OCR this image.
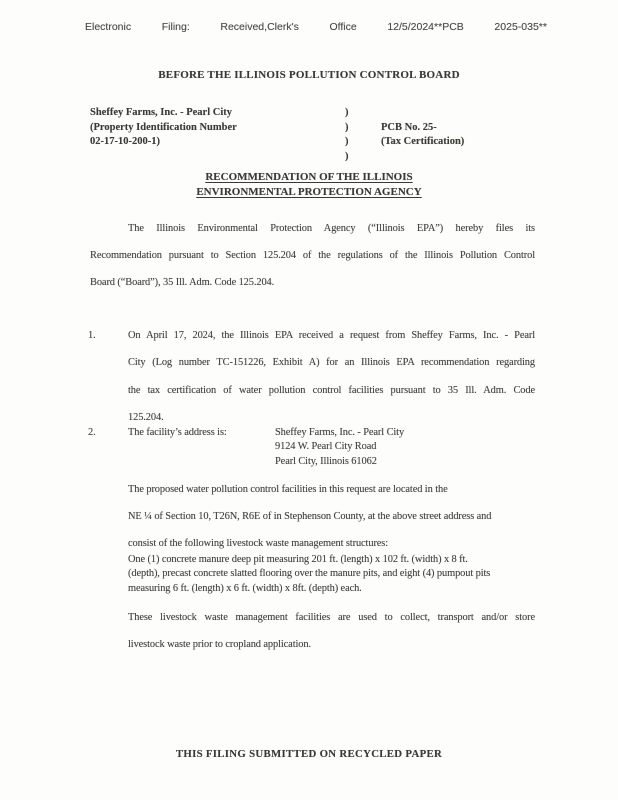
Electronic	Filing:	Received,Clerk's	Office	12/5/2024**PCB	2025-035**
BEFORE THE ILLINOIS POLLUTION CONTROL BOARD
Sheffey Farms, Inc. - Pearl City
(Property Identification Number
02-17-10-200-1)
)
)
)
)
PCB No. 25-
(Tax Certification)
RECOMMENDATION OF THE ILLINOIS
ENVIRONMENTAL PROTECTION AGENCY
The Illinois Environmental Protection Agency (“Illinois EPA”) hereby files its
Recommendation pursuant to Section 125.204 of the regulations of the Illinois Pollution Control
Board (“Board”), 35 Ill. Adm. Code 125.204.
1.	On April 17, 2024, the Illinois EPA received a request from Sheffey Farms, Inc. - Pearl
City (Log number TC-151226, Exhibit A) for an Illinois EPA recommendation regarding
the tax certification of water pollution control facilities pursuant to 35 Ill. Adm. Code
125.204.
2.	The facility’s address is:	Sheffey Farms, Inc. - Pearl City
9124 W. Pearl City Road
Pearl City, Illinois 61062
The proposed water pollution control facilities in this request are located in the
NE ¼ of Section 10, T26N, R6E of in Stephenson County, at the above street address and
consist of the following livestock waste management structures:
One (1) concrete manure deep pit measuring 201 ft. (length) x 102 ft. (width) x 8 ft.
(depth), precast concrete slatted flooring over the manure pits, and eight (4) pumpout pits
measuring 6 ft. (length) x 6 ft. (width) x 8ft. (depth) each.
These livestock waste management facilities are used to collect, transport and/or store
livestock waste prior to cropland application.
THIS FILING SUBMITTED ON RECYCLED PAPER
